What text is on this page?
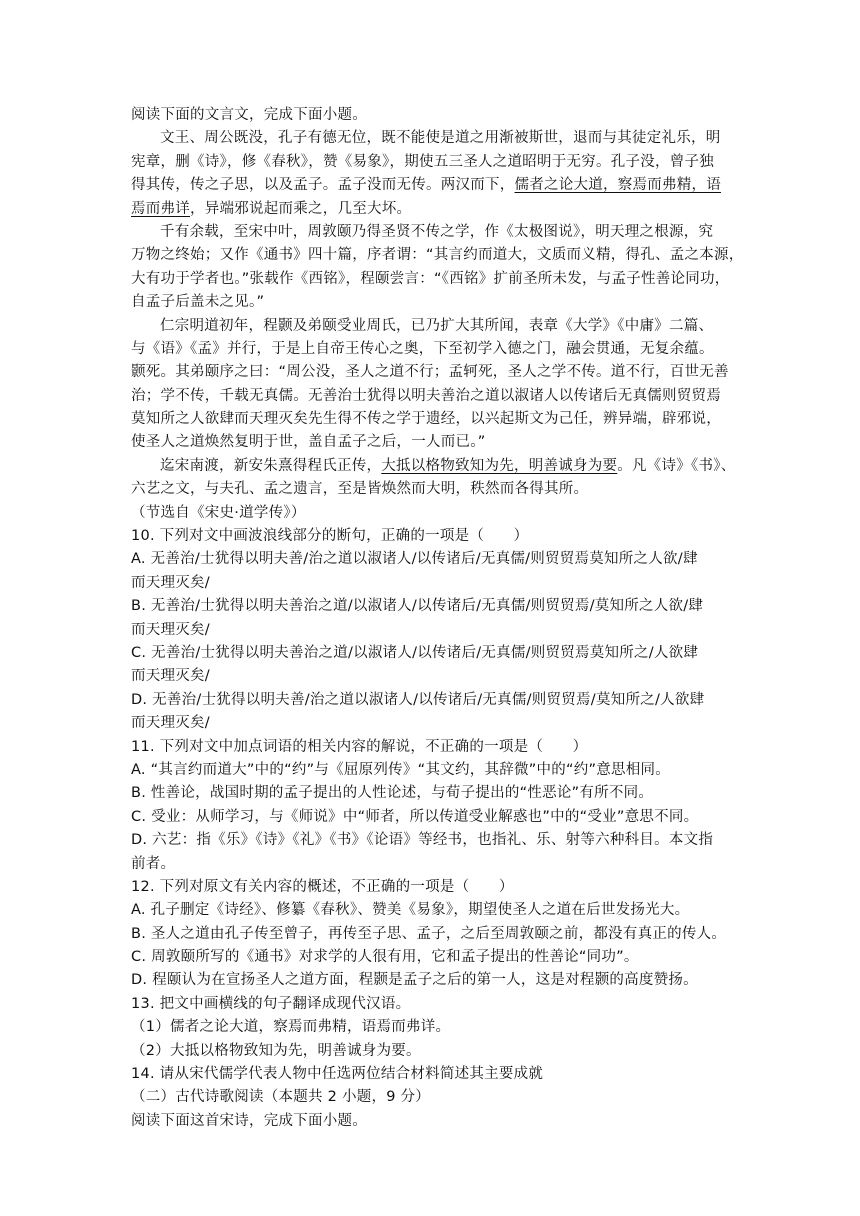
阅读下面的文言文，完成下面小题。
文王、周公既没，孔子有德无位，既不能使是道之用渐被斯世，退而与其徒定礼乐，明
宪章，删《诗》，修《春秋》，赞《易象》，期使五三圣人之道昭明于无穷。孔子没，曾子独
得其传，传之子思，以及孟子。孟子没而无传。两汉而下，儒者之论大道，察焉而弗精，语
焉而弗详，异端邪说起而乘之，几至大坏。
千有余载，至宋中叶，周敦颐乃得圣贤不传之学，作《太极图说》，明天理之根源，究
万物之终始；又作《通书》四十篇，序者谓：“其言约而道大，文质而义精，得孔、孟之本源，
大有功于学者也。”张载作《西铭》，程颐尝言：“《西铭》扩前圣所未发，与孟子性善论同功，
自孟子后盖未之见。”
仁宗明道初年，程颢及弟颐受业周氏，已乃扩大其所闻，表章《大学》《中庸》二篇、
与《语》《孟》并行，于是上自帝王传心之奥，下至初学入德之门，融会贯通，无复余蕴。
颢死。其弟颐序之曰：“周公没，圣人之道不行；孟轲死，圣人之学不传。道不行，百世无善
治；学不传，千载无真儒。无善治士犹得以明夫善治之道以淑诸人以传诸后无真儒则贸贸焉
莫知所之人欲肆而天理灭矣先生得不传之学于遗经，以兴起斯文为己任，辨异端，辟邪说，
使圣人之道焕然复明于世，盖自孟子之后，一人而已。”
迄宋南渡，新安朱熹得程氏正传，大抵以格物致知为先，明善诚身为要。凡《诗》《书》、
六艺之文，与夫孔、孟之遗言，至是皆焕然而大明，秩然而各得其所。
（节选自《宋史·道学传》）
10. 下列对文中画波浪线部分的断句，正确的一项是（　　）
A. 无善治/士犹得以明夫善/治之道以淑诸人/以传诸后/无真儒/则贸贸焉莫知所之人欲/肆
而天理灭矣/
B. 无善治/士犹得以明夫善治之道/以淑诸人/以传诸后/无真儒/则贸贸焉/莫知所之人欲/肆
而天理灭矣/
C. 无善治/士犹得以明夫善治之道/以淑诸人/以传诸后/无真儒/则贸贸焉莫知所之/人欲肆
而天理灭矣/
D. 无善治/士犹得以明夫善/治之道以淑诸人/以传诸后/无真儒/则贸贸焉/莫知所之/人欲肆
而天理灭矣/
11. 下列对文中加点词语的相关内容的解说，不正确的一项是（　　）
A. “其言约而道大”中的“约”与《屈原列传》“其文约，其辞微”中的“约”意思相同。
B. 性善论，战国时期的孟子提出的人性论述，与荀子提出的“性恶论”有所不同。
C. 受业：从师学习，与《师说》中“师者，所以传道受业解惑也”中的“受业”意思不同。
D. 六艺：指《乐》《诗》《礼》《书》《论语》等经书，也指礼、乐、射等六种科目。本文指
前者。
12. 下列对原文有关内容的概述，不正确的一项是（　　）
A. 孔子删定《诗经》、修纂《春秋》、赞美《易象》，期望使圣人之道在后世发扬光大。
B. 圣人之道由孔子传至曾子，再传至子思、孟子，之后至周敦颐之前，都没有真正的传人。
C. 周敦颐所写的《通书》对求学的人很有用，它和孟子提出的性善论“同功”。
D. 程颐认为在宣扬圣人之道方面，程颢是孟子之后的第一人，这是对程颢的高度赞扬。
13. 把文中画横线的句子翻译成现代汉语。
（1）儒者之论大道，察焉而弗精，语焉而弗详。
（2）大抵以格物致知为先，明善诚身为要。
14. 请从宋代儒学代表人物中任选两位结合材料简述其主要成就
（二）古代诗歌阅读（本题共 2 小题，9 分）
阅读下面这首宋诗，完成下面小题。
